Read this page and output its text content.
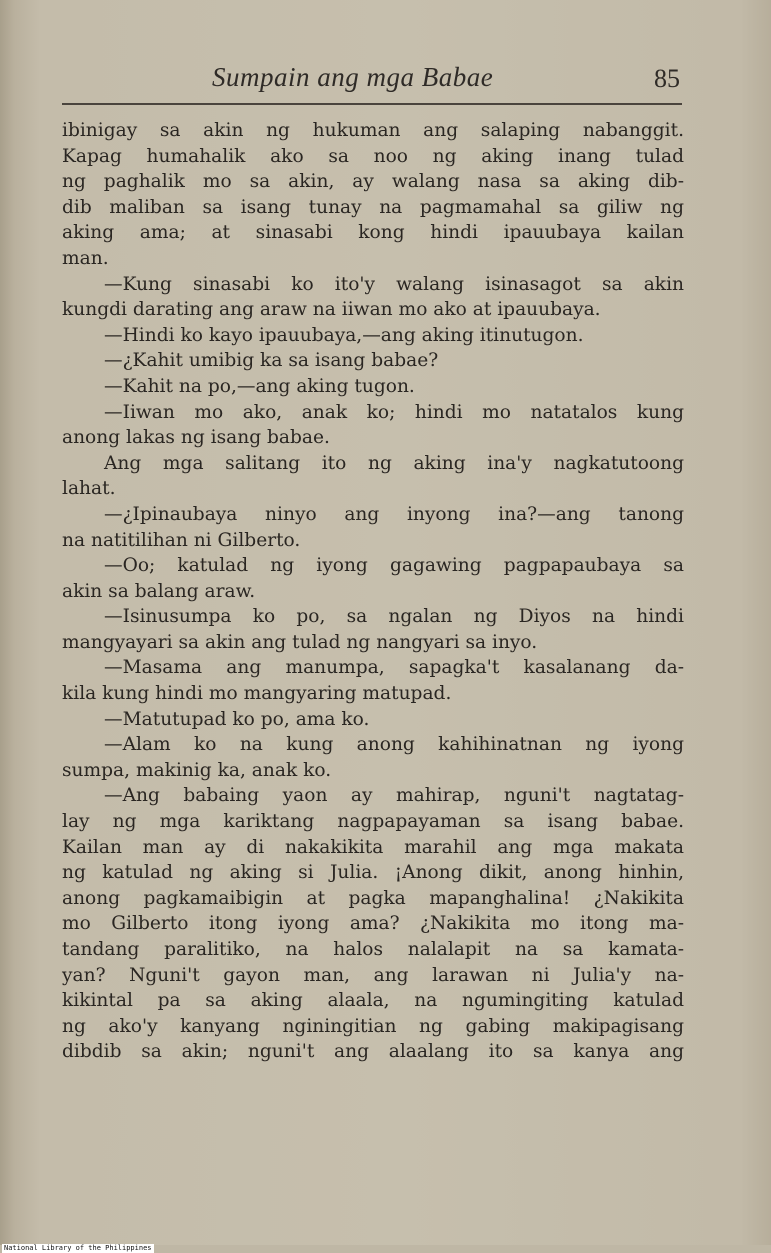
Sumpain ang mga Babae	85
ibinigay sa akin ng hukuman ang salaping nabanggit.
Kapag humahalik ako sa noo ng aking inang tulad
ng paghalik mo sa akin, ay walang nasa sa aking dib-
dib maliban sa isang tunay na pagmamahal sa giliw ng
aking ama; at sinasabi kong hindi ipauubaya kailan
man.
—Kung sinasabi ko ito'y walang isinasagot sa akin
kungdi darating ang araw na iiwan mo ako at ipauubaya.
—Hindi ko kayo ipauubaya,—ang aking itinutugon.
—¿Kahit umibig ka sa isang babae?
—Kahit na po,—ang aking tugon.
—Iiwan mo ako, anak ko; hindi mo natatalos kung
anong lakas ng isang babae.
Ang mga salitang ito ng aking ina'y nagkatutoong
lahat.
—¿Ipinaubaya ninyo ang inyong ina?—ang tanong
na natitilihan ni Gilberto.
—Oo; katulad ng iyong gagawing pagpapaubaya sa
akin sa balang araw.
—Isinusumpa ko po, sa ngalan ng Diyos na hindi
mangyayari sa akin ang tulad ng nangyari sa inyo.
—Masama ang manumpa, sapagka't kasalanang da-
kila kung hindi mo mangyaring matupad.
—Matutupad ko po, ama ko.
—Alam ko na kung anong kahihinatnan ng iyong
sumpa, makinig ka, anak ko.
—Ang babaing yaon ay mahirap, nguni't nagtatag-
lay ng mga kariktang nagpapayaman sa isang babae.
Kailan man ay di nakakikita marahil ang mga makata
ng katulad ng aking si Julia. ¡Anong dikit, anong hinhin,
anong pagkamaibigin at pagka mapanghalina! ¿Nakikita
mo Gilberto itong iyong ama? ¿Nakikita mo itong ma-
tandang paralitiko, na halos nalalapit na sa kamata-
yan? Nguni't gayon man, ang larawan ni Julia'y na-
kikintal pa sa aking alaala, na ngumingiting katulad
ng ako'y kanyang nginingitian ng gabing makipagisang
dibdib sa akin; nguni't ang alaalang ito sa kanya ang
National Library of the Philippines
